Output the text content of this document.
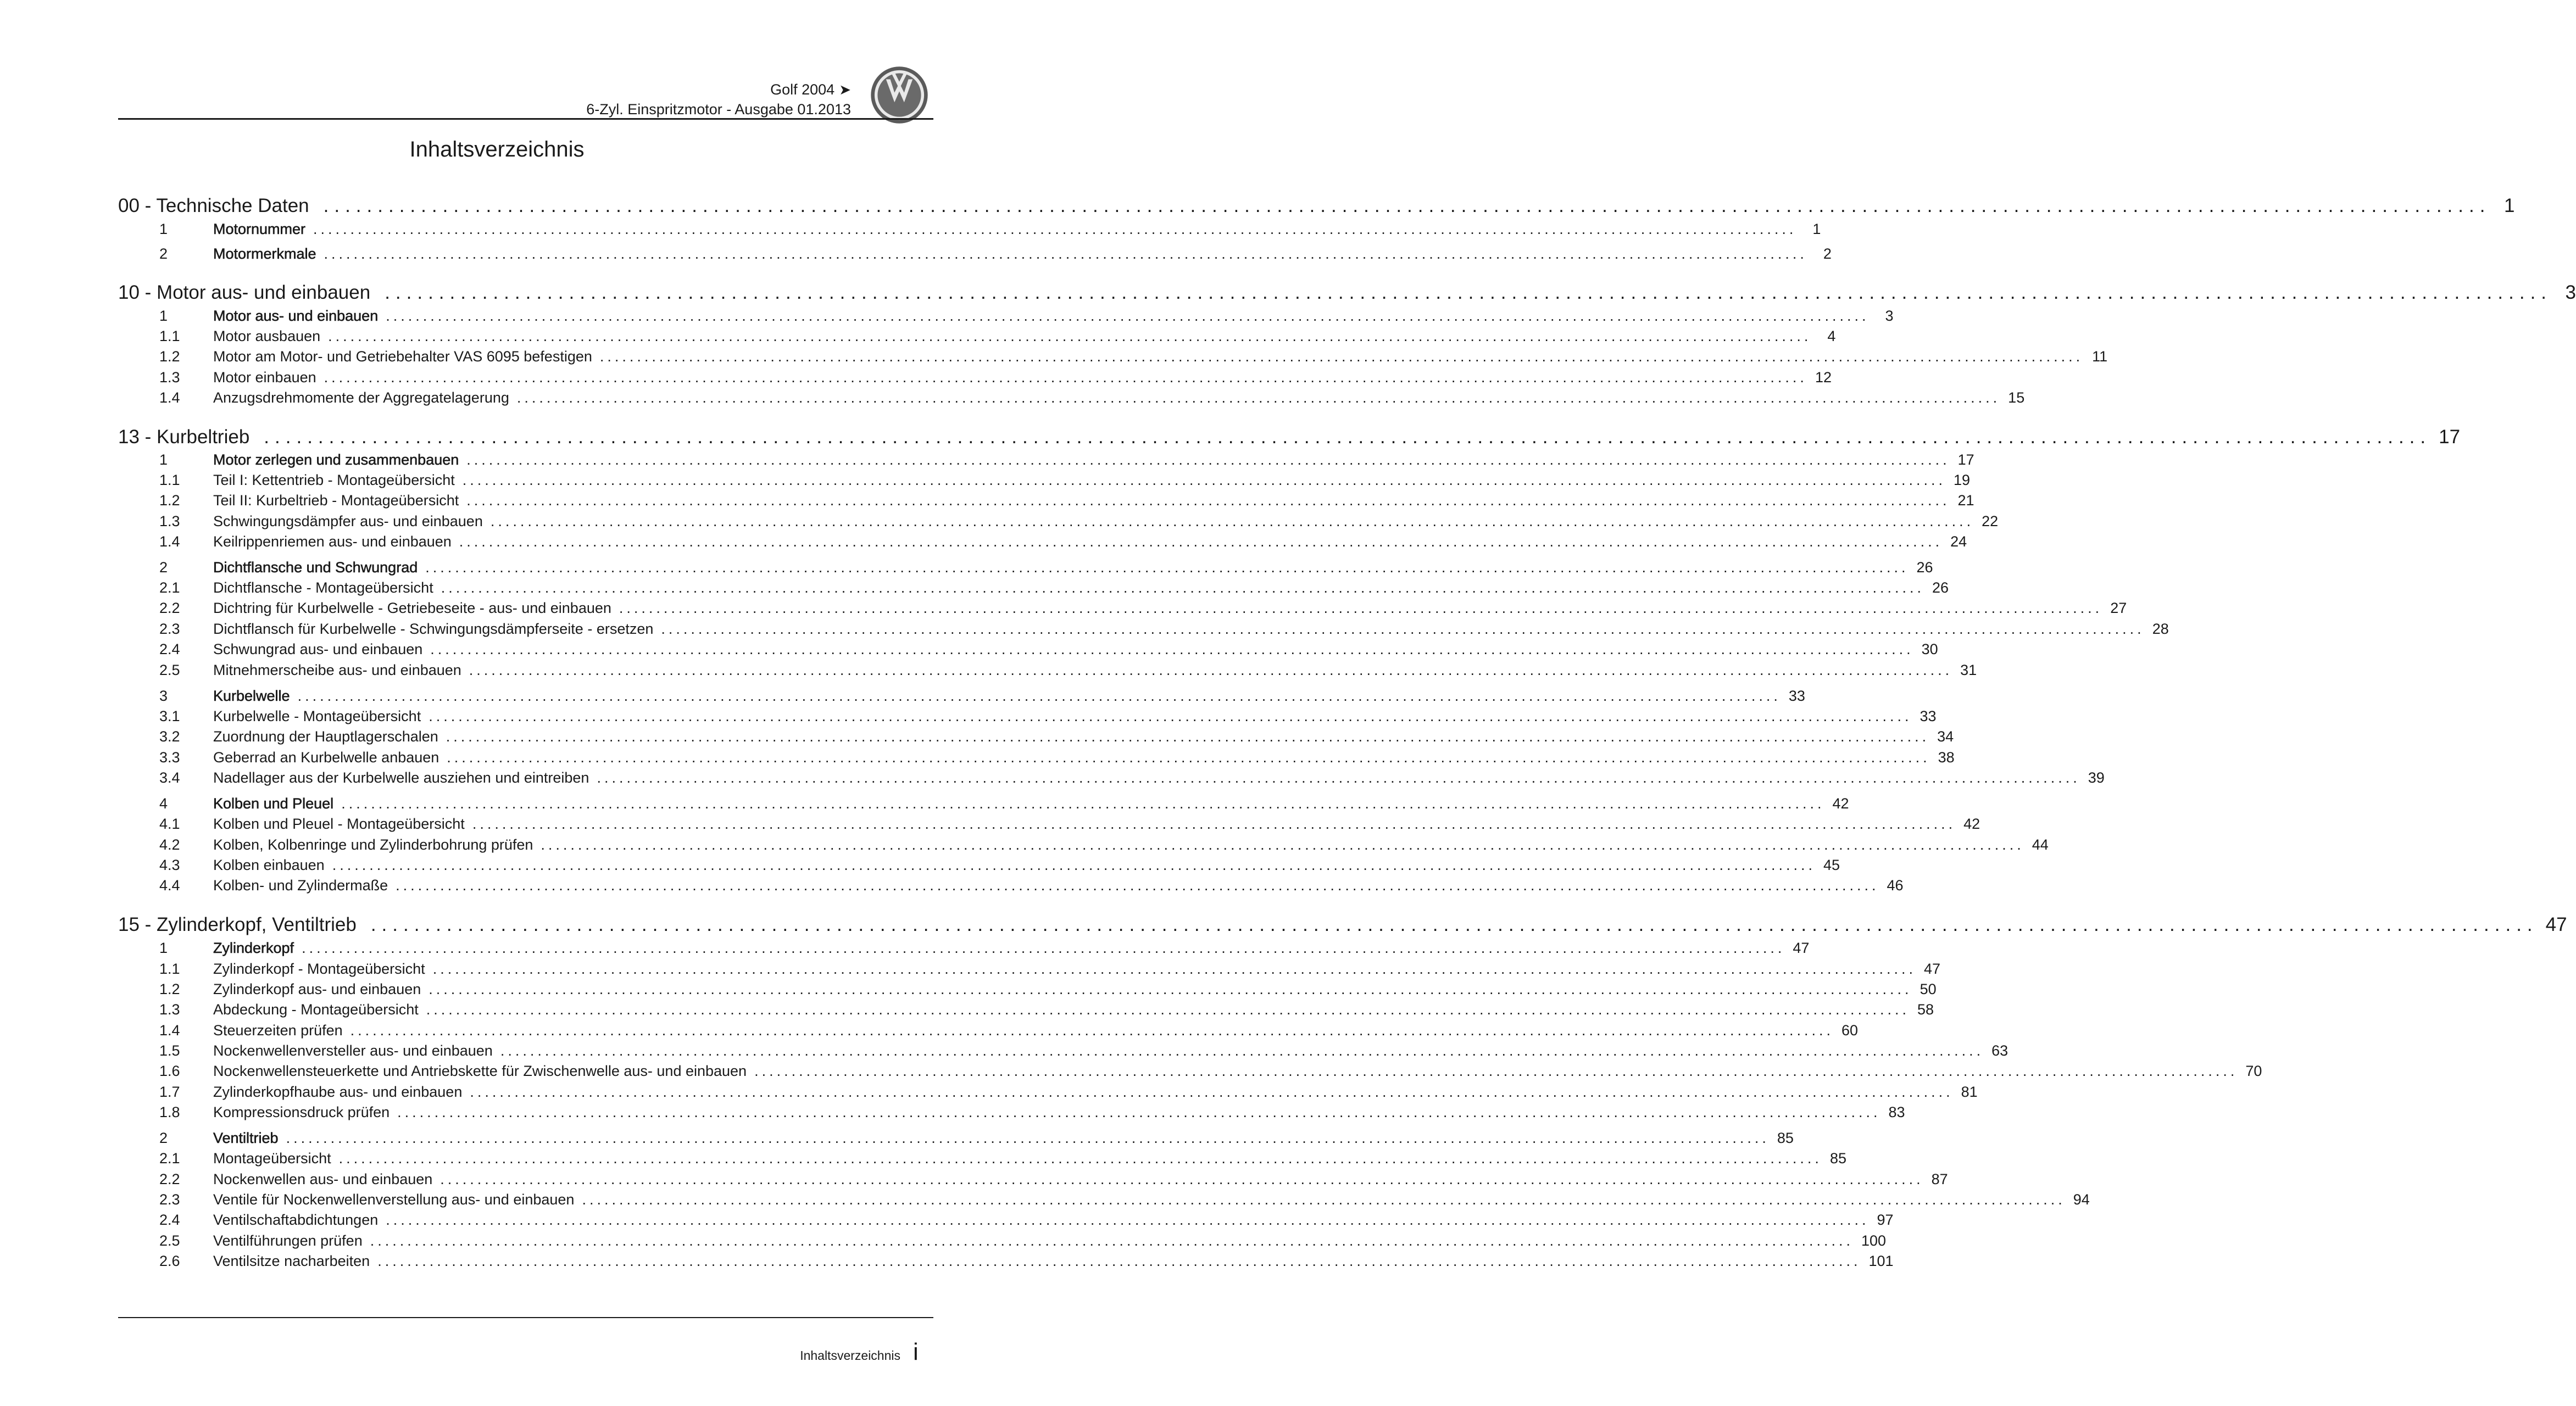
Golf 2004 ➤
6-Zyl. Einspritzmotor - Ausgabe 01.2013
Inhaltsverzeichnis
00 - Technische Daten ........................................................................................................................................................................................................ 1
1	Motornummer ........................................................................................................................................................................................................	1
2	Motormerkmale ........................................................................................................................................................................................................	2
10 - Motor aus- und einbauen ........................................................................................................................................................................................................ 3
1	Motor aus- und einbauen ........................................................................................................................................................................................................	3
1.1	Motor ausbauen ........................................................................................................................................................................................................	4
1.2	Motor am Motor- und Getriebehalter VAS 6095 befestigen ........................................................................................................................................................................................................ 11
1.3	Motor einbauen ........................................................................................................................................................................................................ 12
1.4	Anzugsdrehmomente der Aggregatelagerung ........................................................................................................................................................................................................ 15
13 - Kurbeltrieb ........................................................................................................................................................................................................ 17
1	Motor zerlegen und zusammenbauen ........................................................................................................................................................................................................ 17
1.1	Teil I: Kettentrieb - Montageübersicht ........................................................................................................................................................................................................ 19
1.2	Teil II: Kurbeltrieb - Montageübersicht ........................................................................................................................................................................................................ 21
1.3	Schwingungsdämpfer aus- und einbauen ........................................................................................................................................................................................................ 22
1.4	Keilrippenriemen aus- und einbauen ........................................................................................................................................................................................................ 24
2	Dichtflansche und Schwungrad ........................................................................................................................................................................................................ 26
2.1	Dichtflansche - Montageübersicht ........................................................................................................................................................................................................ 26
2.2	Dichtring für Kurbelwelle - Getriebeseite - aus- und einbauen ........................................................................................................................................................................................................ 27
2.3	Dichtflansch für Kurbelwelle - Schwingungsdämpferseite - ersetzen ........................................................................................................................................................................................................ 28
2.4	Schwungrad aus- und einbauen ........................................................................................................................................................................................................ 30
2.5	Mitnehmerscheibe aus- und einbauen ........................................................................................................................................................................................................ 31
3	Kurbelwelle ........................................................................................................................................................................................................ 33
3.1	Kurbelwelle - Montageübersicht ........................................................................................................................................................................................................ 33
3.2	Zuordnung der Hauptlagerschalen ........................................................................................................................................................................................................ 34
3.3	Geberrad an Kurbelwelle anbauen ........................................................................................................................................................................................................ 38
3.4	Nadellager aus der Kurbelwelle ausziehen und eintreiben ........................................................................................................................................................................................................ 39
4	Kolben und Pleuel ........................................................................................................................................................................................................ 42
4.1	Kolben und Pleuel - Montageübersicht ........................................................................................................................................................................................................ 42
4.2	Kolben, Kolbenringe und Zylinderbohrung prüfen ........................................................................................................................................................................................................ 44
4.3	Kolben einbauen ........................................................................................................................................................................................................ 45
4.4	Kolben- und Zylindermaße ........................................................................................................................................................................................................ 46
15 - Zylinderkopf, Ventiltrieb ........................................................................................................................................................................................................ 47
1	Zylinderkopf ........................................................................................................................................................................................................ 47
1.1	Zylinderkopf - Montageübersicht ........................................................................................................................................................................................................ 47
1.2	Zylinderkopf aus- und einbauen ........................................................................................................................................................................................................ 50
1.3	Abdeckung - Montageübersicht ........................................................................................................................................................................................................ 58
1.4	Steuerzeiten prüfen ........................................................................................................................................................................................................ 60
1.5	Nockenwellenversteller aus- und einbauen ........................................................................................................................................................................................................ 63
1.6	Nockenwellensteuerkette und Antriebskette für Zwischenwelle aus- und einbauen ........................................................................................................................................................................................................ 70
1.7	Zylinderkopfhaube aus- und einbauen ........................................................................................................................................................................................................ 81
1.8	Kompressionsdruck prüfen ........................................................................................................................................................................................................ 83
2	Ventiltrieb ........................................................................................................................................................................................................ 85
2.1	Montageübersicht ........................................................................................................................................................................................................ 85
2.2	Nockenwellen aus- und einbauen ........................................................................................................................................................................................................ 87
2.3	Ventile für Nockenwellenverstellung aus- und einbauen ........................................................................................................................................................................................................ 94
2.4	Ventilschaftabdichtungen ........................................................................................................................................................................................................ 97
2.5	Ventilführungen prüfen ........................................................................................................................................................................................................ 100
2.6	Ventilsitze nacharbeiten ........................................................................................................................................................................................................ 101
Inhaltsverzeichnis i
